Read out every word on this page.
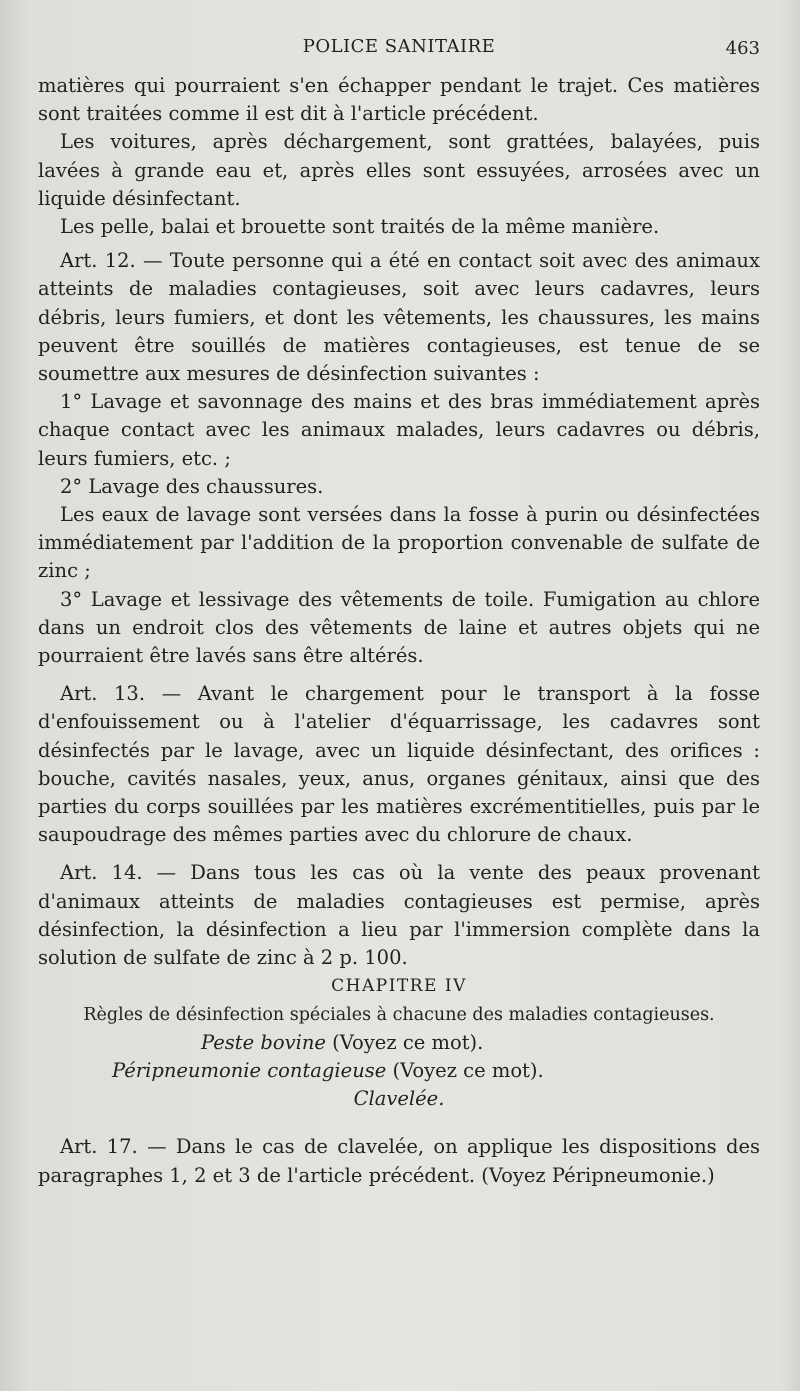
POLICE SANITAIRE	463

matières qui pourraient s'en échapper pendant le trajet. Ces matières sont traitées comme il est dit à l'article précédent.

Les voitures, après déchargement, sont grattées, balayées, puis lavées à grande eau et, après elles sont essuyées, arrosées avec un liquide désinfectant.

Les pelle, balai et brouette sont traités de la même manière.

Art. 12. — Toute personne qui a été en contact soit avec des animaux atteints de maladies contagieuses, soit avec leurs cadavres, leurs débris, leurs fumiers, et dont les vêtements, les chaussures, les mains peuvent être souillés de matières contagieuses, est tenue de se soumettre aux mesures de désinfection suivantes :

1° Lavage et savonnage des mains et des bras immédiatement après chaque contact avec les animaux malades, leurs cadavres ou débris, leurs fumiers, etc. ;

2° Lavage des chaussures.

Les eaux de lavage sont versées dans la fosse à purin ou désinfectées immédiatement par l'addition de la proportion convenable de sulfate de zinc ;

3° Lavage et lessivage des vêtements de toile. Fumigation au chlore dans un endroit clos des vêtements de laine et autres objets qui ne pourraient être lavés sans être altérés.

Art. 13. — Avant le chargement pour le transport à la fosse d'enfouissement ou à l'atelier d'équarrissage, les cadavres sont désinfectés par le lavage, avec un liquide désinfectant, des orifices : bouche, cavités nasales, yeux, anus, organes génitaux, ainsi que des parties du corps souillées par les matières excrémentitielles, puis par le saupoudrage des mêmes parties avec du chlorure de chaux.

Art. 14. — Dans tous les cas où la vente des peaux provenant d'animaux atteints de maladies contagieuses est permise, après désinfection, la désinfection a lieu par l'immersion complète dans la solution de sulfate de zinc à 2 p. 100.

CHAPITRE IV

Règles de désinfection spéciales à chacune des maladies contagieuses.

Peste bovine (Voyez ce mot).

Péripneumonie contagieuse (Voyez ce mot).

Clavelée.

Art. 17. — Dans le cas de clavelée, on applique les dispositions des paragraphes 1, 2 et 3 de l'article précédent. (Voyez Péripneumonie.)
